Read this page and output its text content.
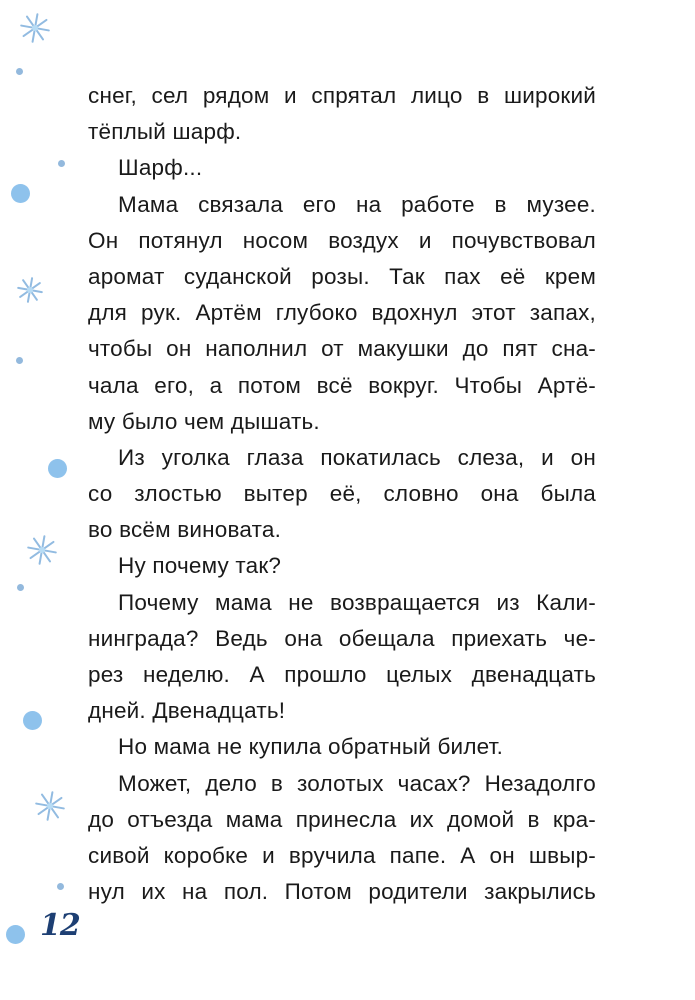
снег, сел рядом и спрятал лицо в широкий
тёплый шарф.
Шарф...
Мама связала его на работе в музее.
Он потянул носом воздух и почувствовал
аромат суданской розы. Так пах её крем
для рук. Артём глубоко вдохнул этот запах,
чтобы он наполнил от макушки до пят сна-
чала его, а потом всё вокруг. Чтобы Артё-
му было чем дышать.
Из уголка глаза покатилась слеза, и он
со злостью вытер её, словно она была
во всём виновата.
Ну почему так?
Почему мама не возвращается из Кали-
нинграда? Ведь она обещала приехать че-
рез неделю. А прошло целых двенадцать
дней. Двенадцать!
Но мама не купила обратный билет.
Может, дело в золотых часах? Незадолго
до отъезда мама принесла их домой в кра-
сивой коробке и вручила папе. А он швыр-
нул их на пол. Потом родители закрылись
12
